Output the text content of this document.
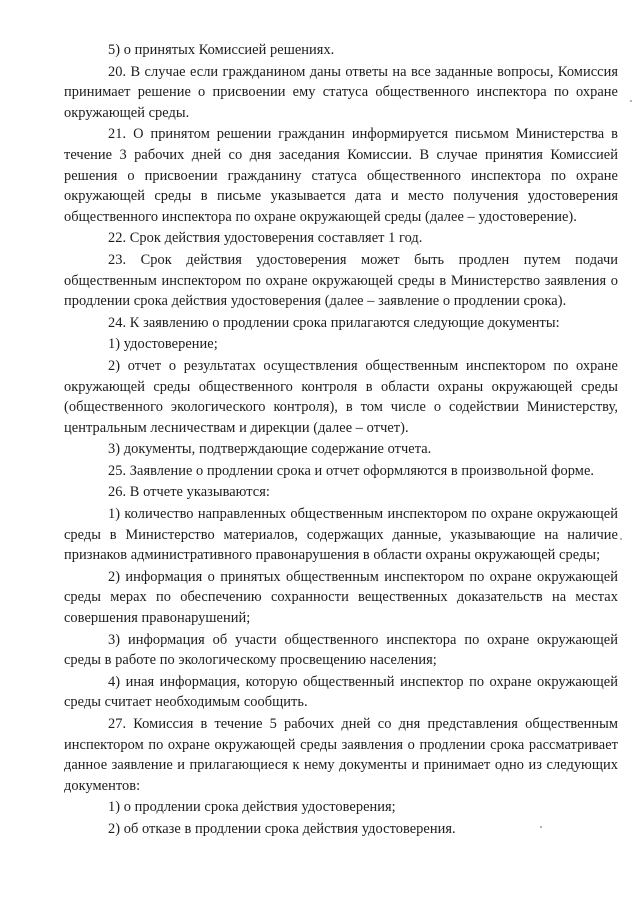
5) о принятых Комиссией решениях.

20. В случае если гражданином даны ответы на все заданные вопросы, Комиссия принимает решение о присвоении ему статуса общественного инспектора по охране окружающей среды.

21. О принятом решении гражданин информируется письмом Министерства в течение 3 рабочих дней со дня заседания Комиссии. В случае принятия Комиссией решения о присвоении гражданину статуса общественного инспектора по охране окружающей среды в письме указывается дата и место получения удостоверения общественного инспектора по охране окружающей среды (далее – удостоверение).

22. Срок действия удостоверения составляет 1 год.

23. Срок действия удостоверения может быть продлен путем подачи общественным инспектором по охране окружающей среды в Министерство заявления о продлении срока действия удостоверения (далее – заявление о продлении срока).

24. К заявлению о продлении срока прилагаются следующие документы:

1) удостоверение;

2) отчет о результатах осуществления общественным инспектором по охране окружающей среды общественного контроля в области охраны окружающей среды (общественного экологического контроля), в том числе о содействии Министерству, центральным лесничествам и дирекции (далее – отчет).

3) документы, подтверждающие содержание отчета.

25. Заявление о продлении срока и отчет оформляются в произвольной форме.

26. В отчете указываются:

1) количество направленных общественным инспектором по охране окружающей среды в Министерство материалов, содержащих данные, указывающие на наличие признаков административного правонарушения в области охраны окружающей среды;

2) информация о принятых общественным инспектором по охране окружающей среды мерах по обеспечению сохранности вещественных доказательств на местах совершения правонарушений;

3) информация об участи общественного инспектора по охране окружающей среды в работе по экологическому просвещению населения;

4) иная информация, которую общественный инспектор по охране окружающей среды считает необходимым сообщить.

27. Комиссия в течение 5 рабочих дней со дня представления общественным инспектором по охране окружающей среды заявления о продлении срока рассматривает данное заявление и прилагающиеся к нему документы и принимает одно из следующих документов:

1) о продлении срока действия удостоверения;

2) об отказе в продлении срока действия удостоверения.
